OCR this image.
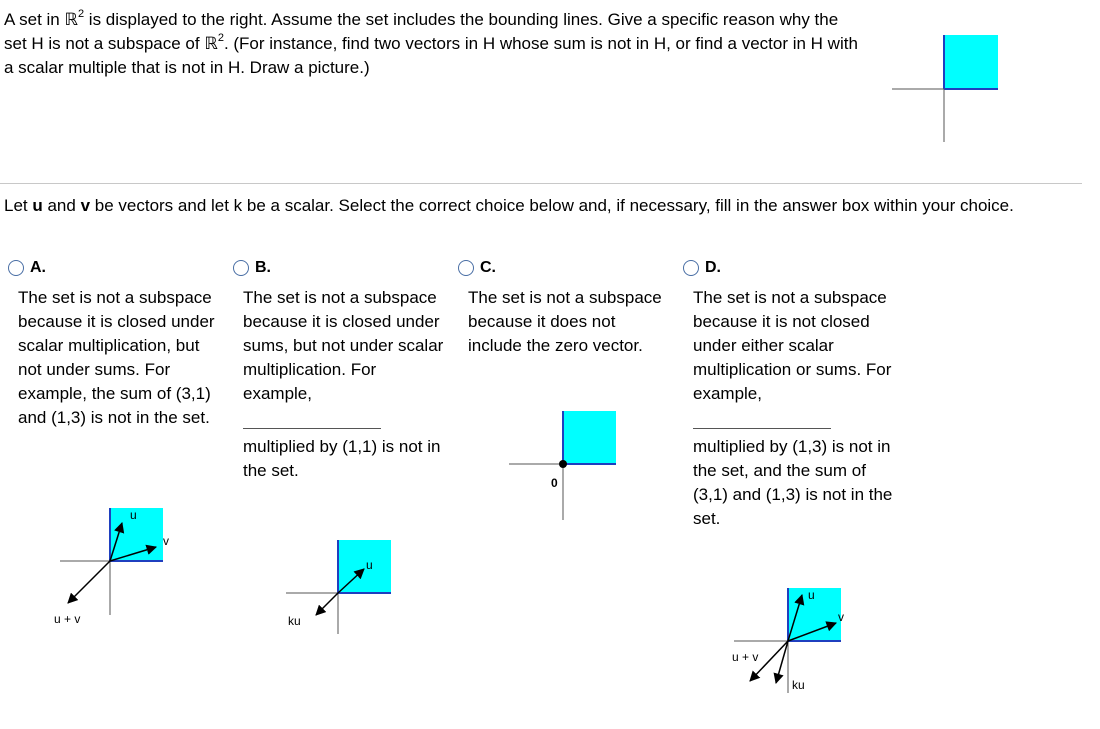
A set in ℝ$^2$ is displayed to the right. Assume the set includes the bounding lines. Give a specific reason why the set H is not a subspace of ℝ$^2$. (For instance, find two vectors in H whose sum is not in H, or find a vector in H with a scalar multiple that is not in H. Draw a picture.)
Let u and v be vectors and let k be a scalar. Select the correct choice below and, if necessary, fill in the answer box within your choice.
A.
The set is not a subspace because it is closed under scalar multiplication, but not under sums. For example, the sum of (3,1) and (1,3) is not in the set.
u
v
u + v
B.
The set is not a subspace because it is closed under sums, but not under scalar multiplication. For example,
multiplied by (1,1) is not in the set.
u
ku
C.
The set is not a subspace because it does not include the zero vector.
0
D.
The set is not a subspace because it is not closed under either scalar multiplication or sums. For example,
multiplied by (1,3) is not in the set, and the sum of (3,1) and (1,3) is not in the set.
u
v
u + v
ku
